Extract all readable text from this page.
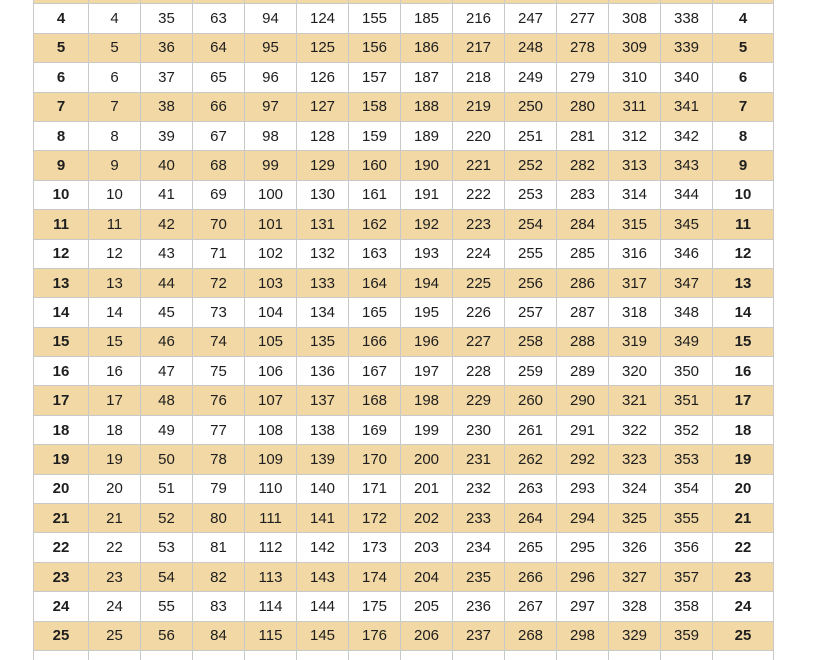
4	4	35	63	94	124	155	185	216	247	277	308	338	4
5	5	36	64	95	125	156	186	217	248	278	309	339	5
6	6	37	65	96	126	157	187	218	249	279	310	340	6
7	7	38	66	97	127	158	188	219	250	280	311	341	7
8	8	39	67	98	128	159	189	220	251	281	312	342	8
9	9	40	68	99	129	160	190	221	252	282	313	343	9
10	10	41	69	100	130	161	191	222	253	283	314	344	10
11	11	42	70	101	131	162	192	223	254	284	315	345	11
12	12	43	71	102	132	163	193	224	255	285	316	346	12
13	13	44	72	103	133	164	194	225	256	286	317	347	13
14	14	45	73	104	134	165	195	226	257	287	318	348	14
15	15	46	74	105	135	166	196	227	258	288	319	349	15
16	16	47	75	106	136	167	197	228	259	289	320	350	16
17	17	48	76	107	137	168	198	229	260	290	321	351	17
18	18	49	77	108	138	169	199	230	261	291	322	352	18
19	19	50	78	109	139	170	200	231	262	292	323	353	19
20	20	51	79	110	140	171	201	232	263	293	324	354	20
21	21	52	80	111	141	172	202	233	264	294	325	355	21
22	22	53	81	112	142	173	203	234	265	295	326	356	22
23	23	54	82	113	143	174	204	235	266	296	327	357	23
24	24	55	83	114	144	175	205	236	267	297	328	358	24
25	25	56	84	115	145	176	206	237	268	298	329	359	25
